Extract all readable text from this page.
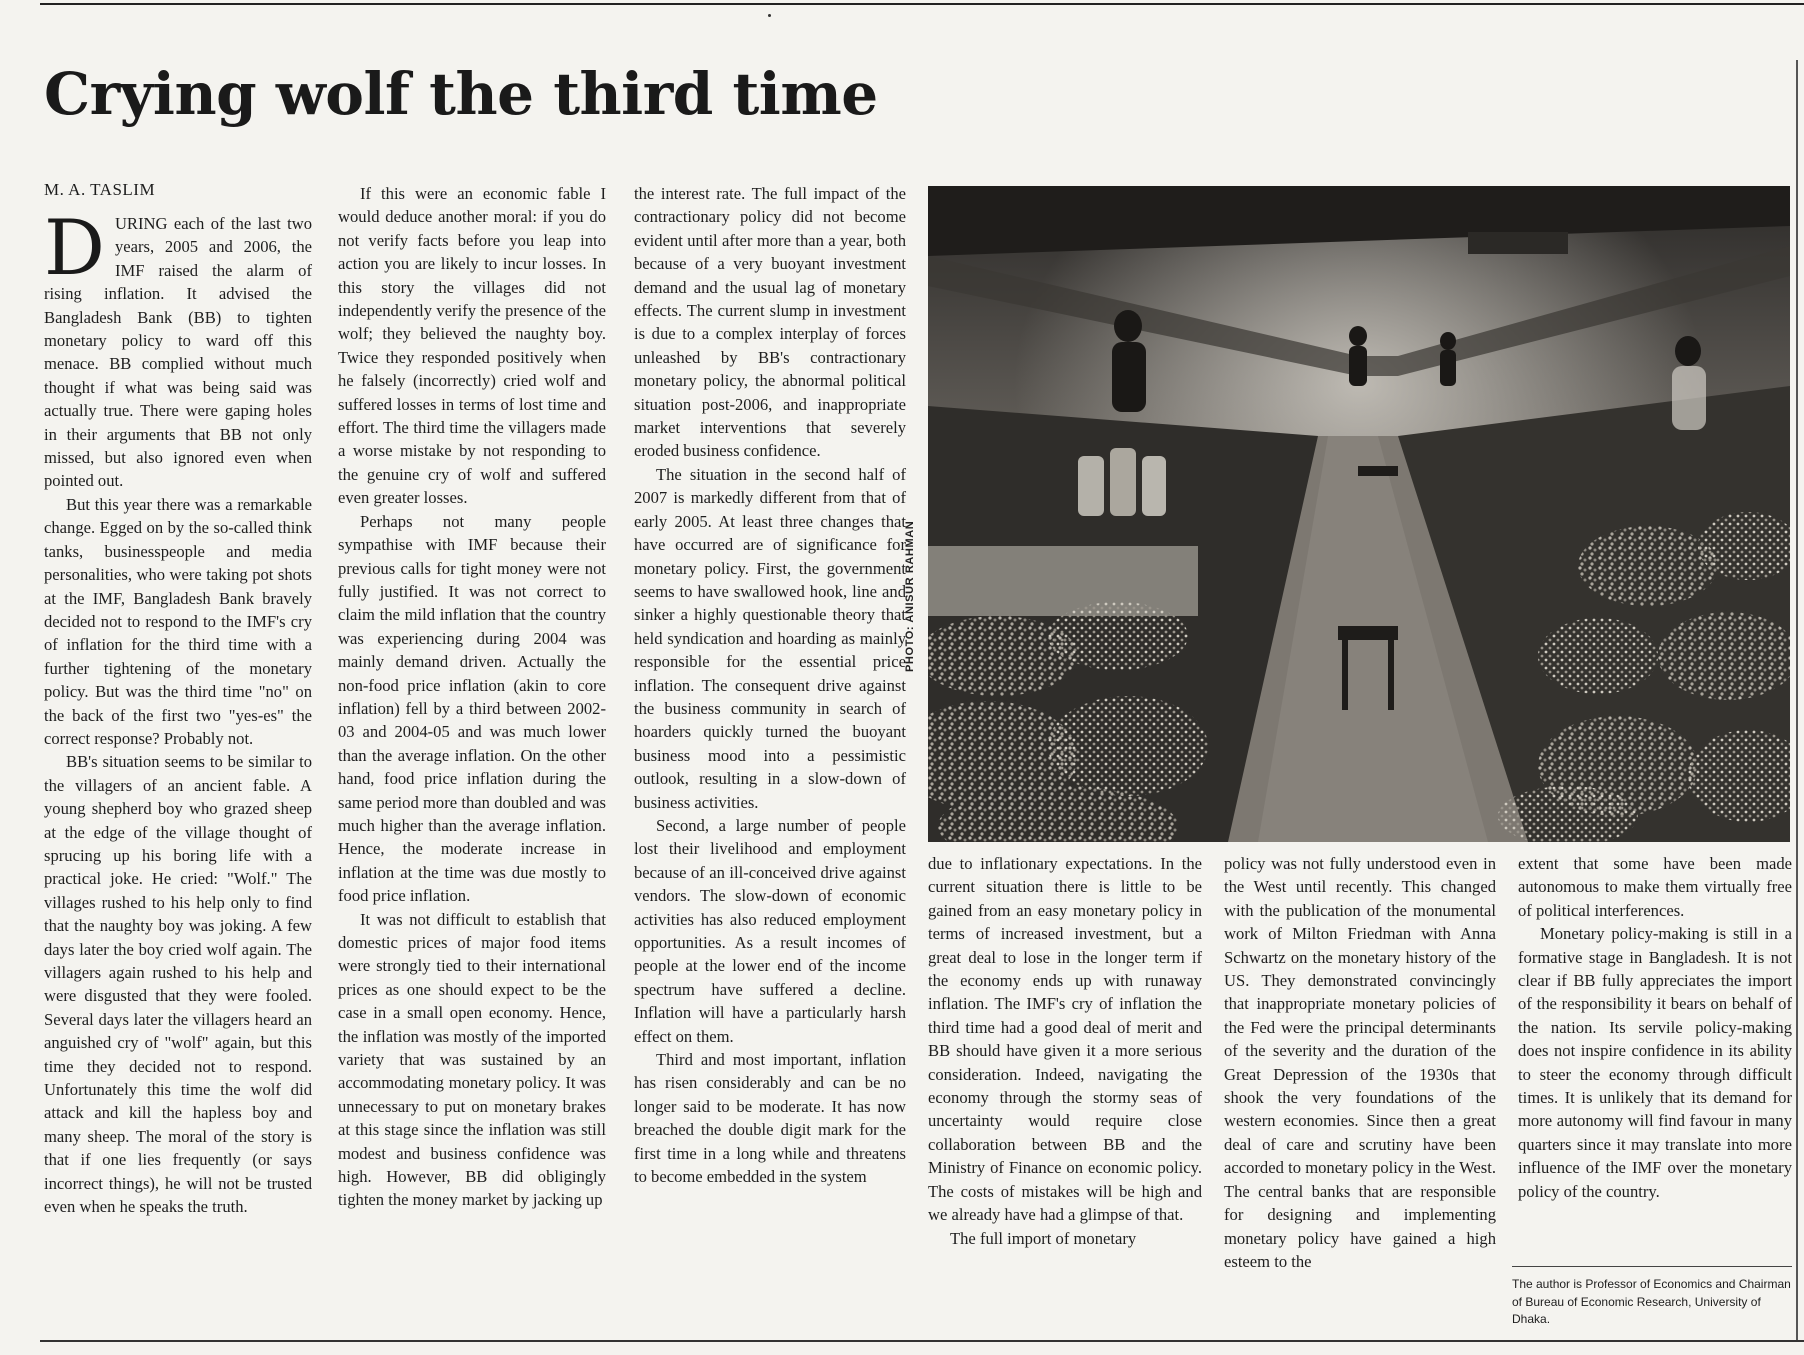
Crying wolf the third time
M. A. TASLIM

DURING each of the last two years, 2005 and 2006, the IMF raised the alarm of rising inflation. It advised the Bangladesh Bank (BB) to tighten monetary policy to ward off this menace. BB complied without much thought if what was being said was actually true. There were gaping holes in their arguments that BB not only missed, but also ignored even when pointed out.

But this year there was a remarkable change. Egged on by the so-called think tanks, businesspeople and media personalities, who were taking pot shots at the IMF, Bangladesh Bank bravely decided not to respond to the IMF's cry of inflation for the third time with a further tightening of the monetary policy. But was the third time "no" on the back of the first two "yes-es" the correct response? Probably not.

BB's situation seems to be similar to the villagers of an ancient fable. A young shepherd boy who grazed sheep at the edge of the village thought of sprucing up his boring life with a practical joke. He cried: "Wolf." The villages rushed to his help only to find that the naughty boy was joking. A few days later the boy cried wolf again. The villagers again rushed to his help and were disgusted that they were fooled. Several days later the villagers heard an anguished cry of "wolf" again, but this time they decided not to respond. Unfortunately this time the wolf did attack and kill the hapless boy and many sheep. The moral of the story is that if one lies frequently (or says incorrect things), he will not be trusted even when he speaks the truth.

If this were an economic fable I would deduce another moral: if you do not verify facts before you leap into action you are likely to incur losses. In this story the villages did not independently verify the presence of the wolf; they believed the naughty boy. Twice they responded positively when he falsely (incorrectly) cried wolf and suffered losses in terms of lost time and effort. The third time the villagers made a worse mistake by not responding to the genuine cry of wolf and suffered even greater losses.

Perhaps not many people sympathise with IMF because their previous calls for tight money were not fully justified. It was not correct to claim the mild inflation that the country was experiencing during 2004 was mainly demand driven. Actually the non-food price inflation (akin to core inflation) fell by a third between 2002-03 and 2004-05 and was much lower than the average inflation. On the other hand, food price inflation during the same period more than doubled and was much higher than the average inflation. Hence, the moderate increase in inflation at the time was due mostly to food price inflation.

It was not difficult to establish that domestic prices of major food items were strongly tied to their international prices as one should expect to be the case in a small open economy. Hence, the inflation was mostly of the imported variety that was sustained by an accommodating monetary policy. It was unnecessary to put on monetary brakes at this stage since the inflation was still modest and business confidence was high. However, BB did obligingly tighten the money market by jacking up

the interest rate. The full impact of the contractionary policy did not become evident until after more than a year, both because of a very buoyant investment demand and the usual lag of monetary effects. The current slump in investment is due to a complex interplay of forces unleashed by BB's contractionary monetary policy, the abnormal political situation post-2006, and inappropriate market interventions that severely eroded business confidence.

The situation in the second half of 2007 is markedly different from that of early 2005. At least three changes that have occurred are of significance for monetary policy. First, the government seems to have swallowed hook, line and sinker a highly questionable theory that held syndication and hoarding as mainly responsible for the essential price inflation. The consequent drive against the business community in search of hoarders quickly turned the buoyant business mood into a pessimistic outlook, resulting in a slow-down of business activities.

Second, a large number of people lost their livelihood and employment because of an ill-conceived drive against vendors. The slow-down of economic activities has also reduced employment opportunities. As a result incomes of people at the lower end of the income spectrum have suffered a decline. Inflation will have a particularly harsh effect on them.

Third and most important, inflation has risen considerably and can be no longer said to be moderate. It has now breached the double digit mark for the first time in a long while and threatens to become embedded in the system

PHOTO: ANISUR RAHMAN

due to inflationary expectations. In the current situation there is little to be gained from an easy monetary policy in terms of increased investment, but a great deal to lose in the longer term if the economy ends up with runaway inflation. The IMF's cry of inflation the third time had a good deal of merit and BB should have given it a more serious consideration. Indeed, navigating the economy through the stormy seas of uncertainty would require close collaboration between BB and the Ministry of Finance on economic policy. The costs of mistakes will be high and we already have had a glimpse of that.

The full import of monetary

policy was not fully understood even in the West until recently. This changed with the publication of the monumental work of Milton Friedman with Anna Schwartz on the monetary history of the US. They demonstrated convincingly that inappropriate monetary policies of the Fed were the principal determinants of the severity and the duration of the Great Depression of the 1930s that shook the very foundations of the western economies. Since then a great deal of care and scrutiny have been accorded to monetary policy in the West. The central banks that are responsible for designing and implementing monetary policy have gained a high esteem to the

extent that some have been made autonomous to make them virtually free of political interferences.

Monetary policy-making is still in a formative stage in Bangladesh. It is not clear if BB fully appreciates the import of the responsibility it bears on behalf of the nation. Its servile policy-making does not inspire confidence in its ability to steer the economy through difficult times. It is unlikely that its demand for more autonomy will find favour in many quarters since it may translate into more influence of the IMF over the monetary policy of the country.

The author is Professor of Economics and Chairman of Bureau of Economic Research, University of Dhaka.
